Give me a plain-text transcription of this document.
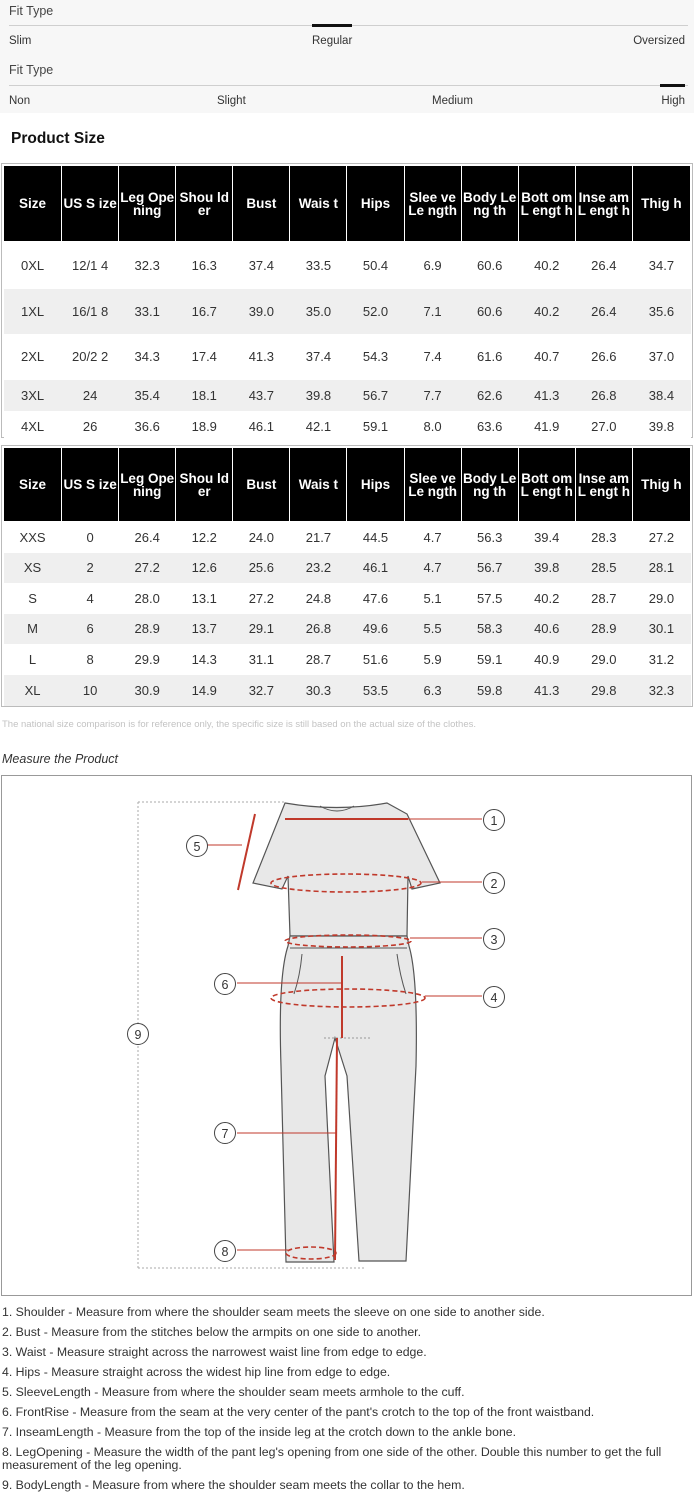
Fit Type
Slim	Regular	Oversized
Fit Type
Non	Slight	Medium	High
Product Size
Size	US S ize	Leg Ope ning	Shou lder	Bust	Wais t	Hips	Slee veLe ngth	Body Leng th	Bott omL engt h	Inse amL engt h	Thig h
0XL	12/1 4	32.3	16.3	37.4	33.5	50.4	6.9	60.6	40.2	26.4	34.7
1XL	16/1 8	33.1	16.7	39.0	35.0	52.0	7.1	60.6	40.2	26.4	35.6
2XL	20/2 2	34.3	17.4	41.3	37.4	54.3	7.4	61.6	40.7	26.6	37.0
3XL	24	35.4	18.1	43.7	39.8	56.7	7.7	62.6	41.3	26.8	38.4
4XL	26	36.6	18.9	46.1	42.1	59.1	8.0	63.6	41.9	27.0	39.8
Size	US S ize	Leg Ope ning	Shou lder	Bust	Wais t	Hips	Slee veLe ngth	Body Leng th	Bott omL engt h	Inse amL engt h	Thig h
XXS	0	26.4	12.2	24.0	21.7	44.5	4.7	56.3	39.4	28.3	27.2
XS	2	27.2	12.6	25.6	23.2	46.1	4.7	56.7	39.8	28.5	28.1
S	4	28.0	13.1	27.2	24.8	47.6	5.1	57.5	40.2	28.7	29.0
M	6	28.9	13.7	29.1	26.8	49.6	5.5	58.3	40.6	28.9	30.1
L	8	29.9	14.3	31.1	28.7	51.6	5.9	59.1	40.9	29.0	31.2
XL	10	30.9	14.9	32.7	30.3	53.5	6.3	59.8	41.3	29.8	32.3
The national size comparison is for reference only, the specific size is still based on the actual size of the clothes.
Measure the Product
1
2
3
4
5
6
7
8
9

1. Shoulder - Measure from where the shoulder seam meets the sleeve on one side to another side.

2. Bust - Measure from the stitches below the armpits on one side to another.

3. Waist - Measure straight across the narrowest waist line from edge to edge.

4. Hips - Measure straight across the widest hip line from edge to edge.

5. SleeveLength - Measure from where the shoulder seam meets armhole to the cuff.

6. FrontRise - Measure from the seam at the very center of the pant's crotch to the top of the front waistband.

7. InseamLength - Measure from the top of the inside leg at the crotch down to the ankle bone.

8. LegOpening - Measure the width of the pant leg's opening from one side of the other. Double this number to get the full measurement of the leg opening.

9. BodyLength - Measure from where the shoulder seam meets the collar to the hem.
